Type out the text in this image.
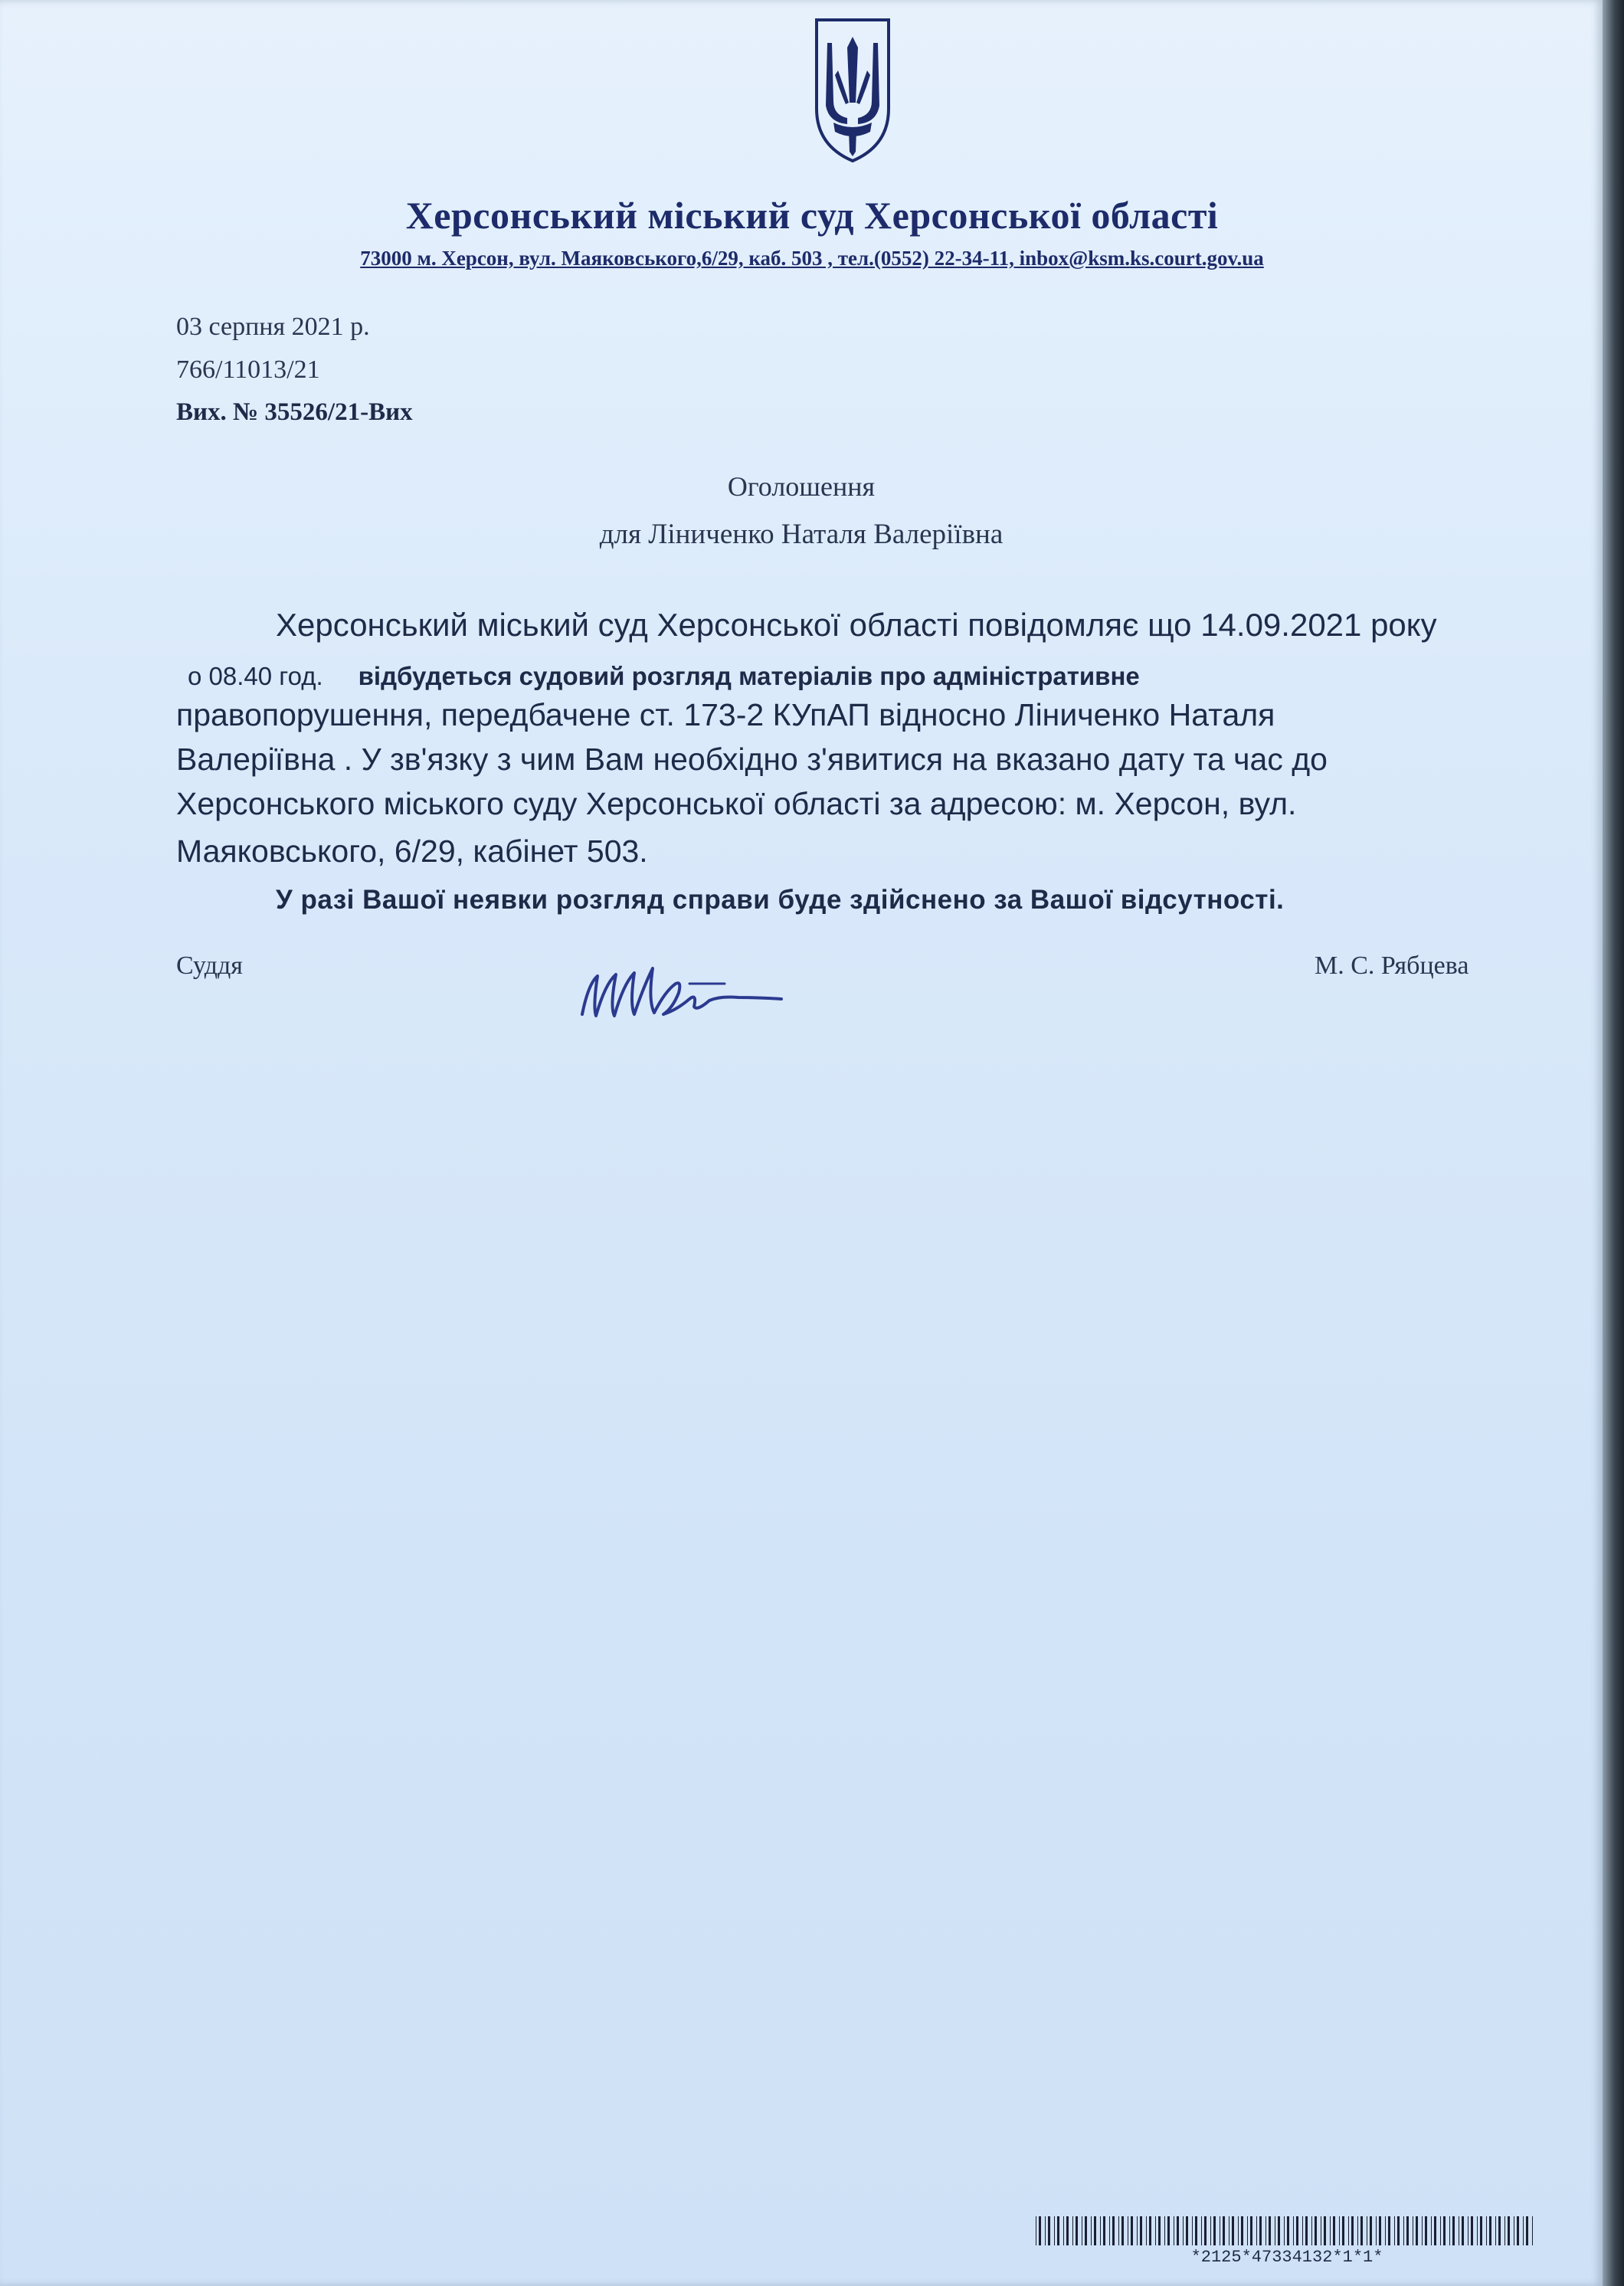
Херсонський міський суд Херсонської області
73000 м. Херсон, вул. Маяковського,6/29, каб. 503 , тел.(0552) 22-34-11, inbox@ksm.ks.court.gov.ua
03 серпня 2021 р.
766/11013/21
Вих. № 35526/21-Вих
Оголошення
для Ліниченко Наталя Валеріївна
Херсонський міський суд Херсонської області повідомляє що 14.09.2021 року
о 08.40 год. відбудеться судовий розгляд матеріалів про адміністративне
правопорушення, передбачене ст. 173-2 КУпАП відносно Ліниченко Наталя
Валеріївна . У зв'язку з чим Вам необхідно з'явитися на вказано дату та час до
Херсонського міського суду Херсонської області за адресою: м. Херсон, вул.
Маяковського, 6/29, кабінет 503.
У разі Вашої неявки розгляд справи буде здійснено за Вашої відсутності.
Суддя	М. С. Рябцева
*2125*47334132*1*1*
